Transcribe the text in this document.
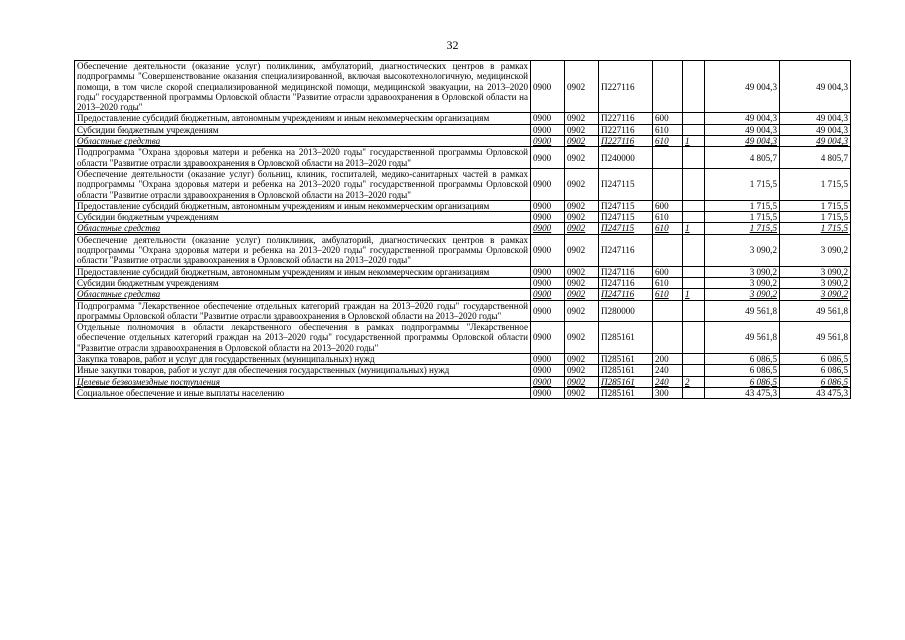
32
Обеспечение деятельности (оказание услуг) поликлиник, амбулаторий, диагностических центров в рамках подпрограммы "Совершенствование оказания специализированной, включая высокотехнологичную, медицинской помощи, в том числе скорой специализированной медицинской помощи, медицинской эвакуации, на 2013–2020 годы" государственной программы Орловской области "Развитие отрасли здравоохранения в Орловской области на 2013–2020 годы"	0900	0902	П227116			49 004,3	49 004,3
Предоставление субсидий бюджетным, автономным учреждениям и иным некоммерческим организациям	0900	0902	П227116	600		49 004,3	49 004,3
Субсидии бюджетным учреждениям	0900	0902	П227116	610		49 004,3	49 004,3
Областные средства	0900	0902	П227116	610	1	49 004,3	49 004,3
Подпрограмма "Охрана здоровья матери и ребенка на 2013–2020 годы" государственной программы Орловской области "Развитие отрасли здравоохранения в Орловской области на 2013–2020 годы"	0900	0902	П240000			4 805,7	4 805,7
Обеспечение деятельности (оказание услуг) больниц, клиник, госпиталей, медико-санитарных частей в рамках подпрограммы "Охрана здоровья матери и ребенка на 2013–2020 годы" государственной программы Орловской области "Развитие отрасли здравоохранения в Орловской области на 2013–2020 годы"	0900	0902	П247115			1 715,5	1 715,5
Предоставление субсидий бюджетным, автономным учреждениям и иным некоммерческим организациям	0900	0902	П247115	600		1 715,5	1 715,5
Субсидии бюджетным учреждениям	0900	0902	П247115	610		1 715,5	1 715,5
Областные средства	0900	0902	П247115	610	1	1 715,5	1 715,5
Обеспечение деятельности (оказание услуг) поликлиник, амбулаторий, диагностических центров в рамках подпрограммы "Охрана здоровья матери и ребенка на 2013–2020 годы" государственной программы Орловской области "Развитие отрасли здравоохранения в Орловской области на 2013–2020 годы"	0900	0902	П247116			3 090,2	3 090,2
Предоставление субсидий бюджетным, автономным учреждениям и иным некоммерческим организациям	0900	0902	П247116	600		3 090,2	3 090,2
Субсидии бюджетным учреждениям	0900	0902	П247116	610		3 090,2	3 090,2
Областные средства	0900	0902	П247116	610	1	3 090,2	3 090,2
Подпрограмма "Лекарственное обеспечение отдельных категорий граждан на 2013–2020 годы" государственной программы Орловской области "Развитие отрасли здравоохранения в Орловской области на 2013–2020 годы"	0900	0902	П280000			49 561,8	49 561,8
Отдельные полномочия в области лекарственного обеспечения в рамках подпрограммы "Лекарственное обеспечение отдельных категорий граждан на 2013–2020 годы" государственной программы Орловской области "Развитие отрасли здравоохранения в Орловской области на 2013–2020 годы"	0900	0902	П285161			49 561,8	49 561,8
Закупка товаров, работ и услуг для государственных (муниципальных) нужд	0900	0902	П285161	200		6 086,5	6 086,5
Иные закупки товаров, работ и услуг для обеспечения государственных (муниципальных) нужд	0900	0902	П285161	240		6 086,5	6 086,5
Целевые безвозмездные поступления	0900	0902	П285161	240	2	6 086,5	6 086,5
Социальное обеспечение и иные выплаты населению	0900	0902	П285161	300		43 475,3	43 475,3
